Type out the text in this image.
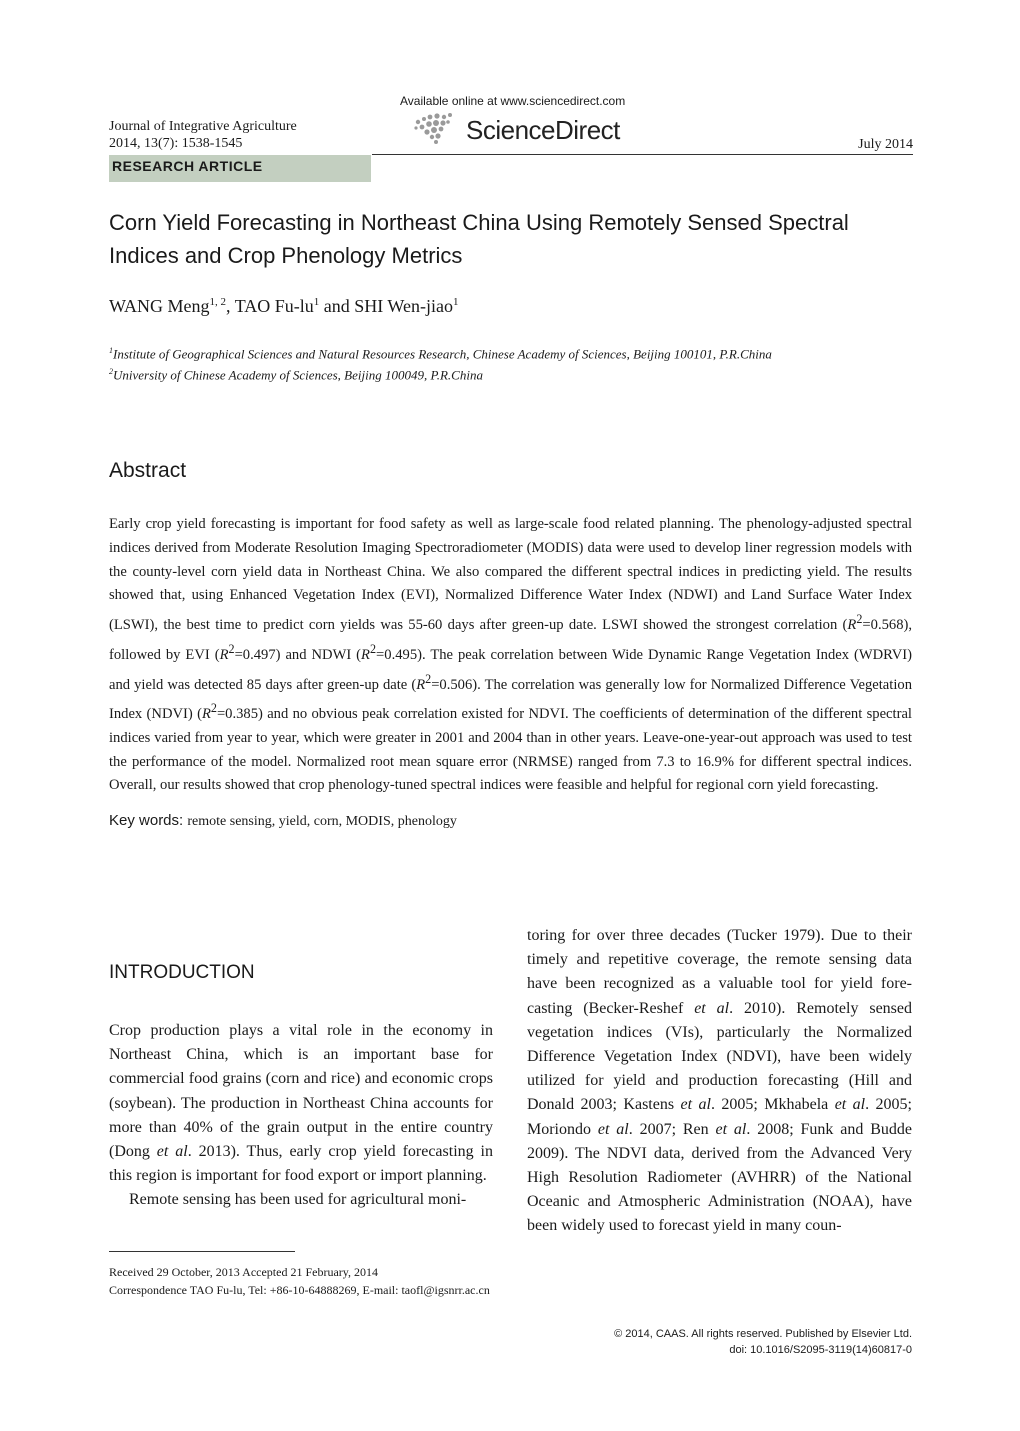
Available online at www.sciencedirect.com
Journal of Integrative Agriculture
2014, 13(7): 1538-1545	ScienceDirect	July 2014
RESEARCH ARTICLE
Corn Yield Forecasting in Northeast China Using Remotely Sensed Spectral
Indices and Crop Phenology Metrics
WANG Meng$^{1, 2}$, TAO $Fu-lu^1$ and SHI Wen-jiao$^1$
$^1$Institute of Geographical Sciences and Natural Resources Research, Chinese Academy of Sciences, Beijing 100101, P.R.China
$^2$University of Chinese Academy of Sciences, Beijing 100049, P.R.China
Abstract
Early crop yield forecasting is important for food safety as well as large-scale food related planning. The phenology-adjusted spectral indices derived from Moderate Resolution Imaging Spectroradiometer (MODIS) data were used to develop liner regression models with the county-level corn yield data in Northeast China. We also compared the different spectral indices in predicting yield. The results showed that, using Enhanced Vegetation Index (EVI), Normalized Difference Water Index (NDWI) and Land Surface Water Index (LSWI), the best time to predict corn yields was 55-60 days after green-up date. LSWI showed the strongest correlation $(R^2=0.568)$, followed by EVI $(R^2=0.497)$ and NDWI $(R^2=0.495)$. The peak correlation between Wide Dynamic Range Vegetation Index (WDRVI) and yield was detected 85 days after green-up date $(R^2=0.506)$. The correlation was generally low for Normalized Difference Vegetation Index (NDVI) $(R^2=0.385)$ and no obvious peak correlation existed for NDVI. The coefficients of determination of the different spectral indices varied from year to year, which were greater in 2001 and 2004 than in other years. Leave-one-year-out approach was used to test the performance of the model. Normalized root mean square error (NRMSE) ranged from 7.3 to 16.9% for different spectral indices. Overall, our results showed that crop phenology-tuned spectral indices were feasible and helpful for regional corn yield forecasting.
Key words: remote sensing, yield, corn, MODIS, phenology
INTRODUCTION

Crop production plays a vital role in the economy in Northeast China, which is an important base for commercial food grains (corn and rice) and economic crops (soybean). The production in Northeast China accounts for more than 40% of the grain output in the entire country (Dong et al. 2013). Thus, early crop yield forecasting in this region is important for food export or import planning.

Remote sensing has been used for agricultural moni-

toring for over three decades (Tucker 1979). Due to their timely and repetitive coverage, the remote sensing data have been recognized as a valuable tool for yield fore-casting (Becker-Reshef et al. 2010). Remotely sensed vegetation indices (VIs), particularly the Normalized Difference Vegetation Index (NDVI), have been widely utilized for yield and production forecasting (Hill and Donald 2003; Kastens et al. 2005; Mkhabela et al. 2005; Moriondo et al. 2007; Ren et al. 2008; Funk and Budde 2009). The NDVI data, derived from the Advanced Very High Resolution Radiometer (AVHRR) of the National Oceanic and Atmospheric Administration (NOAA), have been widely used to forecast yield in many coun-

Received 29 October, 2013 Accepted 21 February, 2014
Correspondence TAO Fu-lu, Tel: +86-10-64888269, E-mail: taofl@igsnrr.ac.cn
© 2014, CAAS. All rights reserved. Published by Elsevier Ltd.
doi: 10.1016/S2095-3119(14)60817-0
